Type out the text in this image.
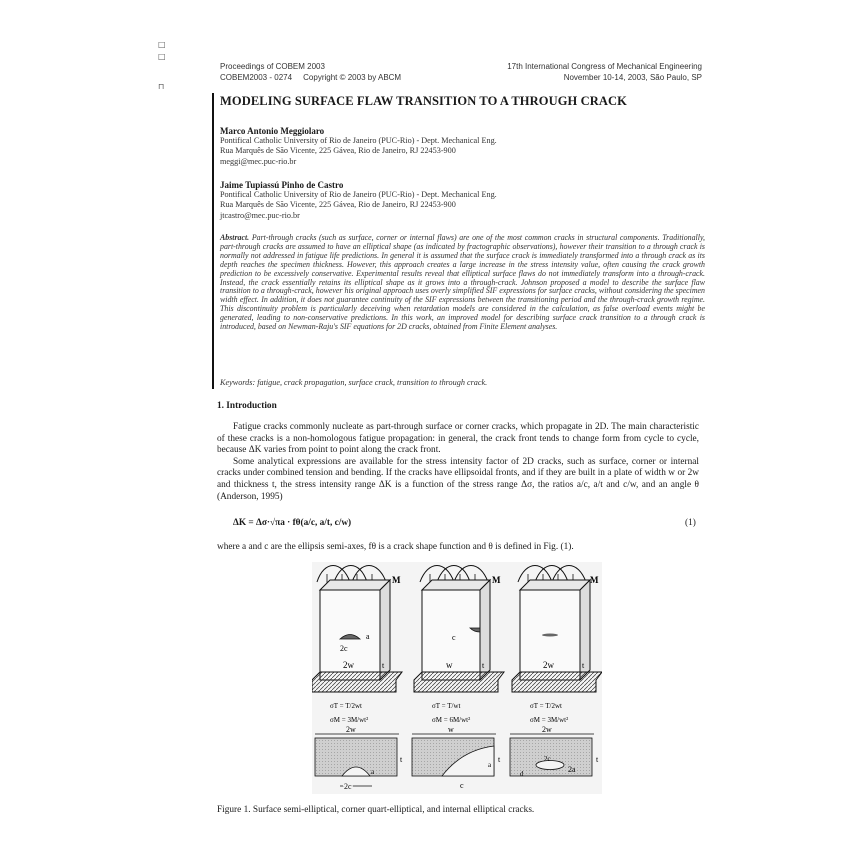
□
□
⊓
Proceedings of COBEM 2003
COBEM2003 - 0274     Copyright © 2003 by ABCM
17th International Congress of Mechanical Engineering
November 10-14, 2003, São Paulo, SP
MODELING SURFACE FLAW TRANSITION TO A THROUGH CRACK
Marco Antonio Meggiolaro
Pontifical Catholic University of Rio de Janeiro (PUC-Rio) - Dept. Mechanical Eng.
Rua Marquês de São Vicente, 225 Gávea, Rio de Janeiro, RJ 22453-900
meggi@mec.puc-rio.br
Jaime Tupiassú Pinho de Castro
Pontifical Catholic University of Rio de Janeiro (PUC-Rio) - Dept. Mechanical Eng.
Rua Marquês de São Vicente, 225 Gávea, Rio de Janeiro, RJ 22453-900
jtcastro@mec.puc-rio.br
Abstract. Part-through cracks (such as surface, corner or internal flaws) are one of the most common cracks in structural components. Traditionally, part-through cracks are assumed to have an elliptical shape (as indicated by fractographic observations), however their transition to a through crack is normally not addressed in fatigue life predictions. In general it is assumed that the surface crack is immediately transformed into a through crack as its depth reaches the specimen thickness. However, this approach creates a large increase in the stress intensity value, often causing the crack growth prediction to be excessively conservative. Experimental results reveal that elliptical surface flaws do not immediately transform into a through-crack. Instead, the crack essentially retains its elliptical shape as it grows into a through-crack. Johnson proposed a model to describe the surface flaw transition to a through-crack, however his original approach uses overly simplified SIF expressions for surface cracks, without considering the specimen width effect. In addition, it does not guarantee continuity of the SIF expressions between the transitioning period and the through-crack growth regime. This discontinuity problem is particularly deceiving when retardation models are considered in the calculation, as false overload events might be generated, leading to non-conservative predictions. In this work, an improved model for describing surface crack transition to a through crack is introduced, based on Newman-Raju's SIF equations for 2D cracks, obtained from Finite Element analyses.
Keywords: fatigue, crack propagation, surface crack, transition to through crack.
1. Introduction

Fatigue cracks commonly nucleate as part-through surface or corner cracks, which propagate in 2D. The main characteristic of these cracks is a non-homologous fatigue propagation: in general, the crack front tends to change form from cycle to cycle, because ΔK varies from point to point along the crack front.

Some analytical expressions are available for the stress intensity factor of 2D cracks, such as surface, corner or internal cracks under combined tension and bending. If the cracks have ellipsoidal fronts, and if they are built in a plate of width w or 2w and thickness t, the stress intensity range ΔK is a function of the stress range Δσ, the ratios a/c, a/t and c/w, and an angle θ (Anderson, 1995)

ΔK = Δσ·√πa · fθ(a/c, a/t, c/w)	(1)
where a and c are the ellipsis semi-axes, fθ is a crack shape function and θ is defined in Fig. (1).
M
2c
a
2w	t
σT = T/2wt
σM = 3M/wt²
M
c
w	t
σT = T/wt
σM = 6M/wt²
M
2w	t
σT = T/2wt
σM = 3M/wt²
2w
a
t
2c
w
a
t
c
2w
2c
2a
d
t
Figure 1. Surface semi-elliptical, corner quart-elliptical, and internal elliptical cracks.
